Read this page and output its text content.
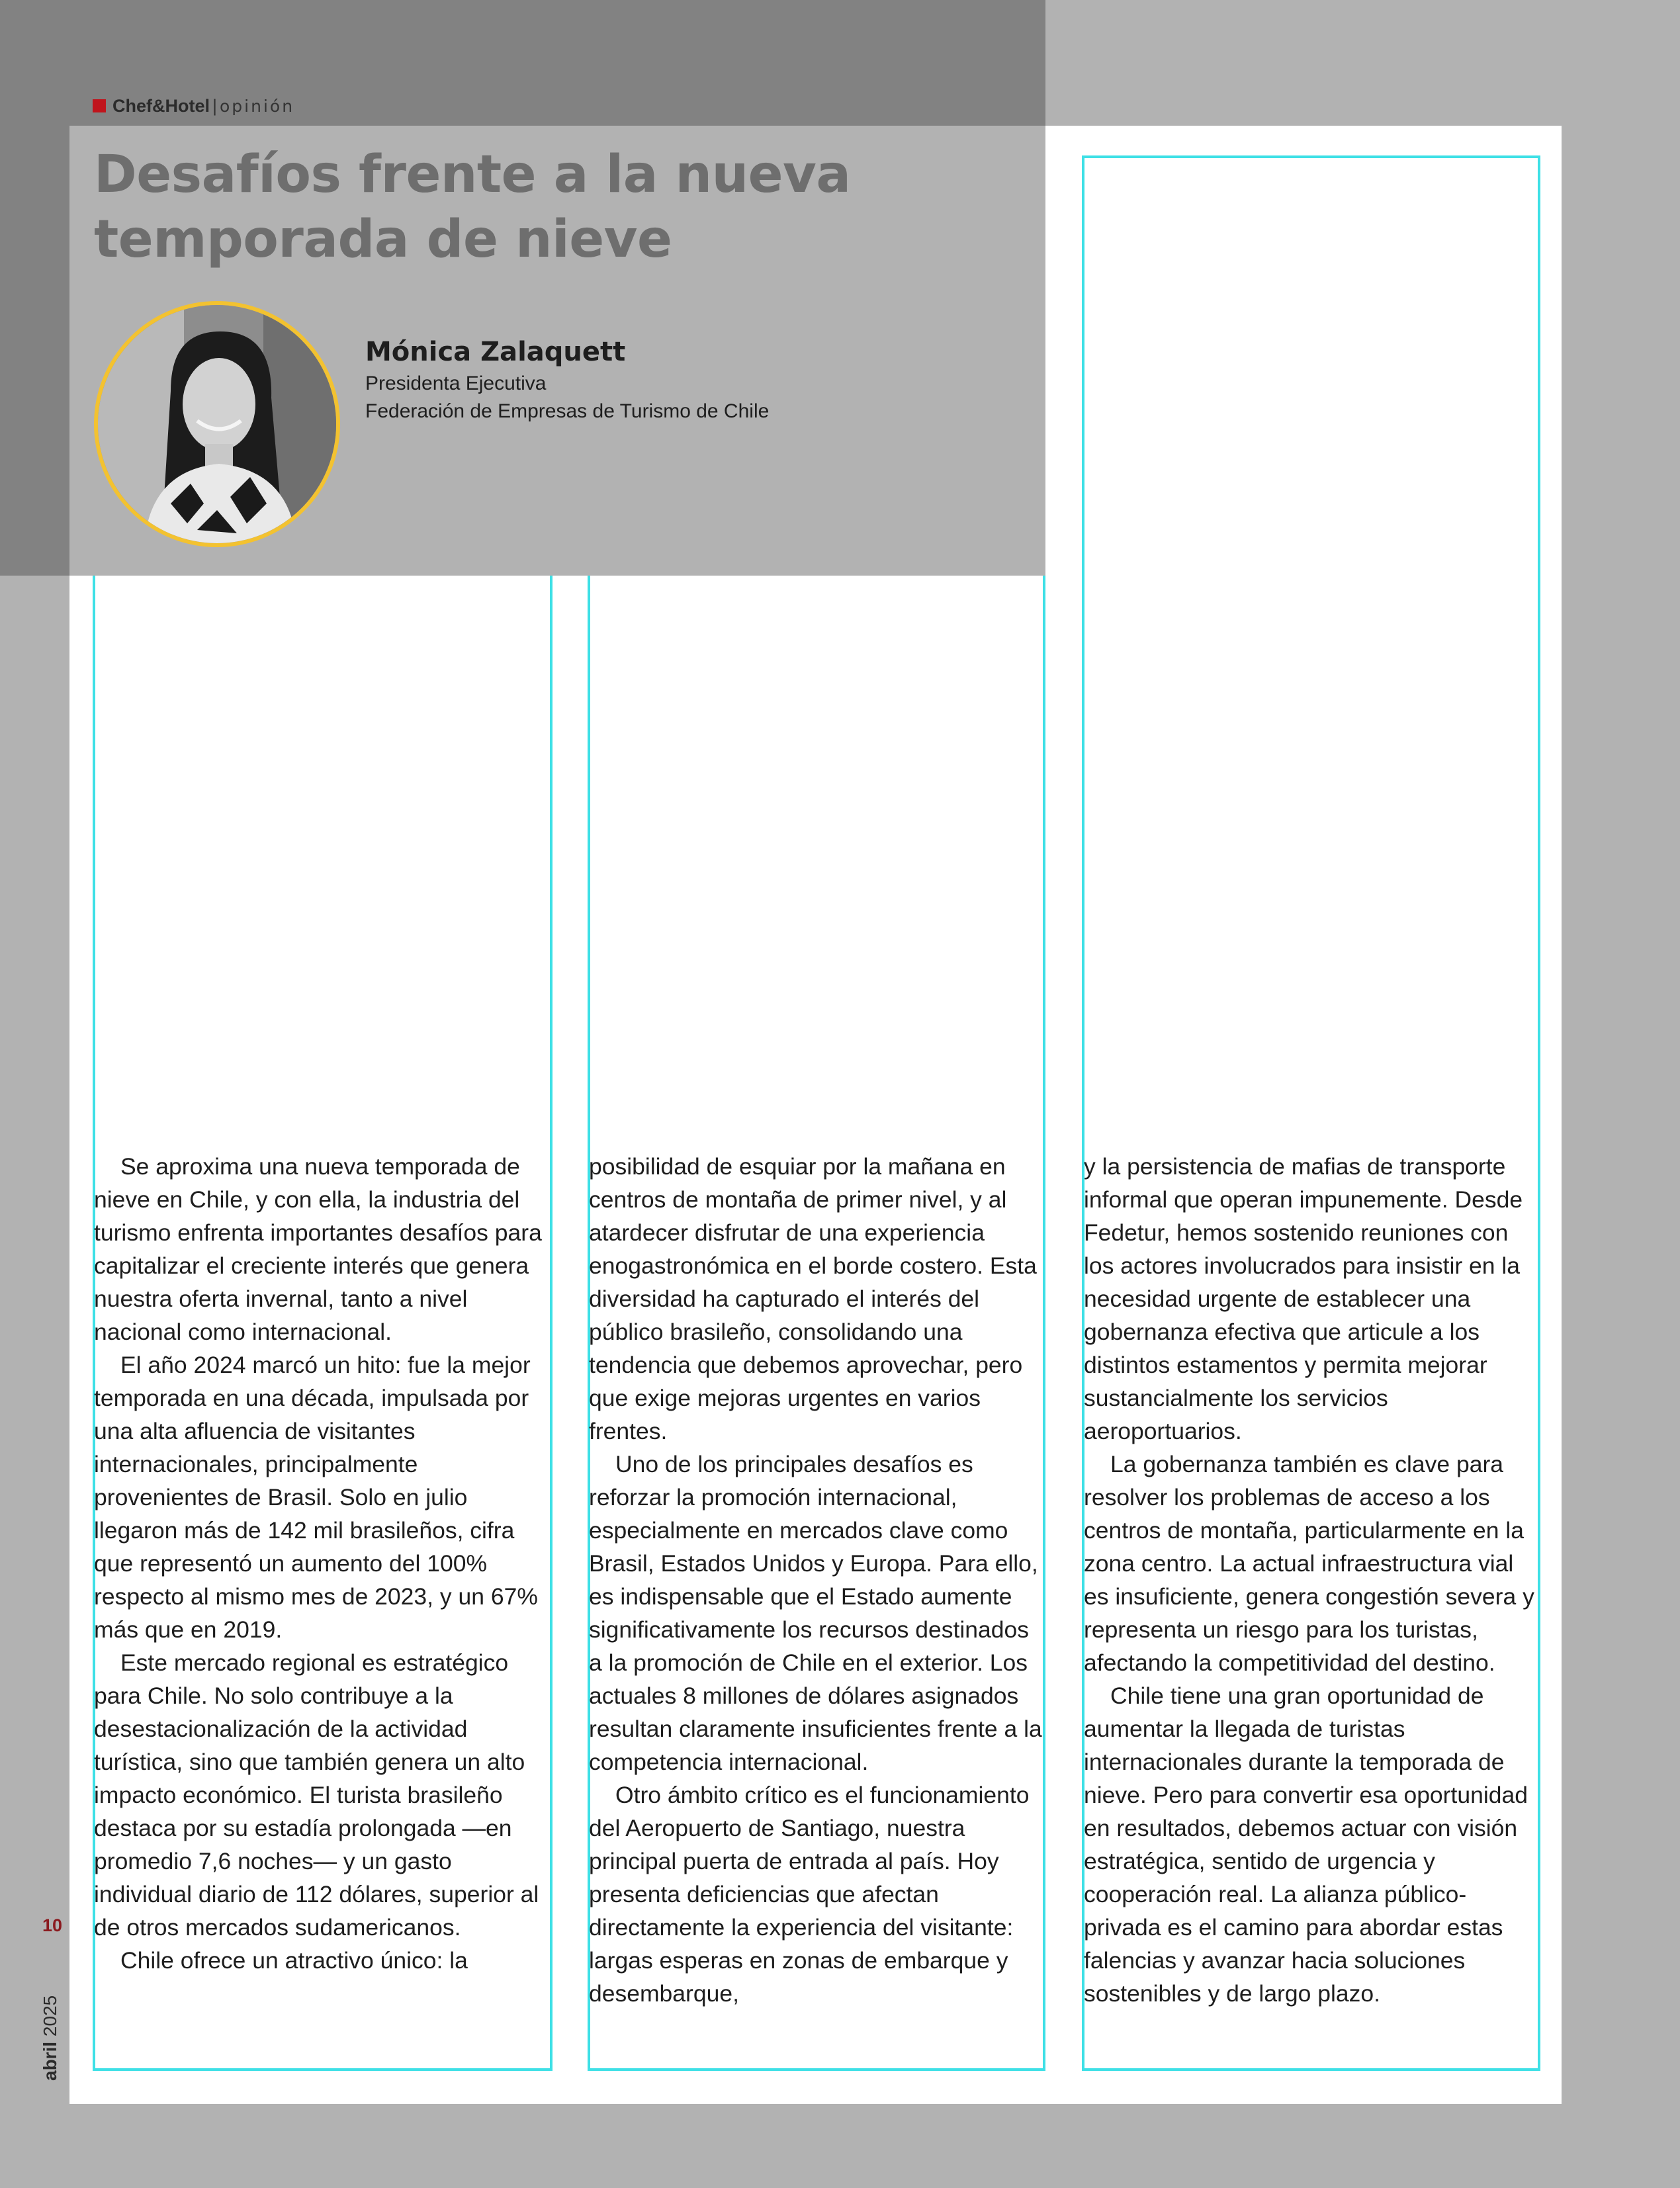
Chef&Hotel | opinión
Desafíos frente a la nueva temporada de nieve
Mónica Zalaquett
Presidenta Ejecutiva
Federación de Empresas de Turismo de Chile

Se aproxima una nueva temporada de nieve en Chile, y con ella, la industria del turismo enfrenta importantes desafíos para capitalizar el creciente interés que genera nuestra oferta invernal, tanto a nivel nacional como internacional.

El año 2024 marcó un hito: fue la mejor temporada en una década, impulsada por una alta afluencia de visitantes internacionales, principalmente provenientes de Brasil. Solo en julio llegaron más de 142 mil brasileños, cifra que representó un aumento del 100% respecto al mismo mes de 2023, y un 67% más que en 2019.

Este mercado regional es estratégico para Chile. No solo contribuye a la desestacionalización de la actividad turística, sino que también genera un alto impacto económico. El turista brasileño destaca por su estadía prolongada —en promedio 7,6 noches— y un gasto individual diario de 112 dólares, superior al de otros mercados sudamericanos.

Chile ofrece un atractivo único: la

posibilidad de esquiar por la mañana en centros de montaña de primer nivel, y al atardecer disfrutar de una experiencia enogastronómica en el borde costero. Esta diversidad ha capturado el interés del público brasileño, consolidando una tendencia que debemos aprovechar, pero que exige mejoras urgentes en varios frentes.

Uno de los principales desafíos es reforzar la promoción internacional, especialmente en mercados clave como Brasil, Estados Unidos y Europa. Para ello, es indispensable que el Estado aumente significativamente los recursos destinados a la promoción de Chile en el exterior. Los actuales 8 millones de dólares asignados resultan claramente insuficientes frente a la competencia internacional.

Otro ámbito crítico es el funcionamiento del Aeropuerto de Santiago, nuestra principal puerta de entrada al país. Hoy presenta deficiencias que afectan directamente la experiencia del visitante: largas esperas en zonas de embarque y desembarque,

y la persistencia de mafias de transporte informal que operan impunemente. Desde Fedetur, hemos sostenido reuniones con los actores involucrados para insistir en la necesidad urgente de establecer una gobernanza efectiva que articule a los distintos estamentos y permita mejorar sustancialmente los servicios aeroportuarios.

La gobernanza también es clave para resolver los problemas de acceso a los centros de montaña, particularmente en la zona centro. La actual infraestructura vial es insuficiente, genera congestión severa y representa un riesgo para los turistas, afectando la competitividad del destino.

Chile tiene una gran oportunidad de aumentar la llegada de turistas internacionales durante la temporada de nieve. Pero para convertir esa oportunidad en resultados, debemos actuar con visión estratégica, sentido de urgencia y cooperación real. La alianza público-privada es el camino para abordar estas falencias y avanzar hacia soluciones sostenibles y de largo plazo.

10
abril 2025
